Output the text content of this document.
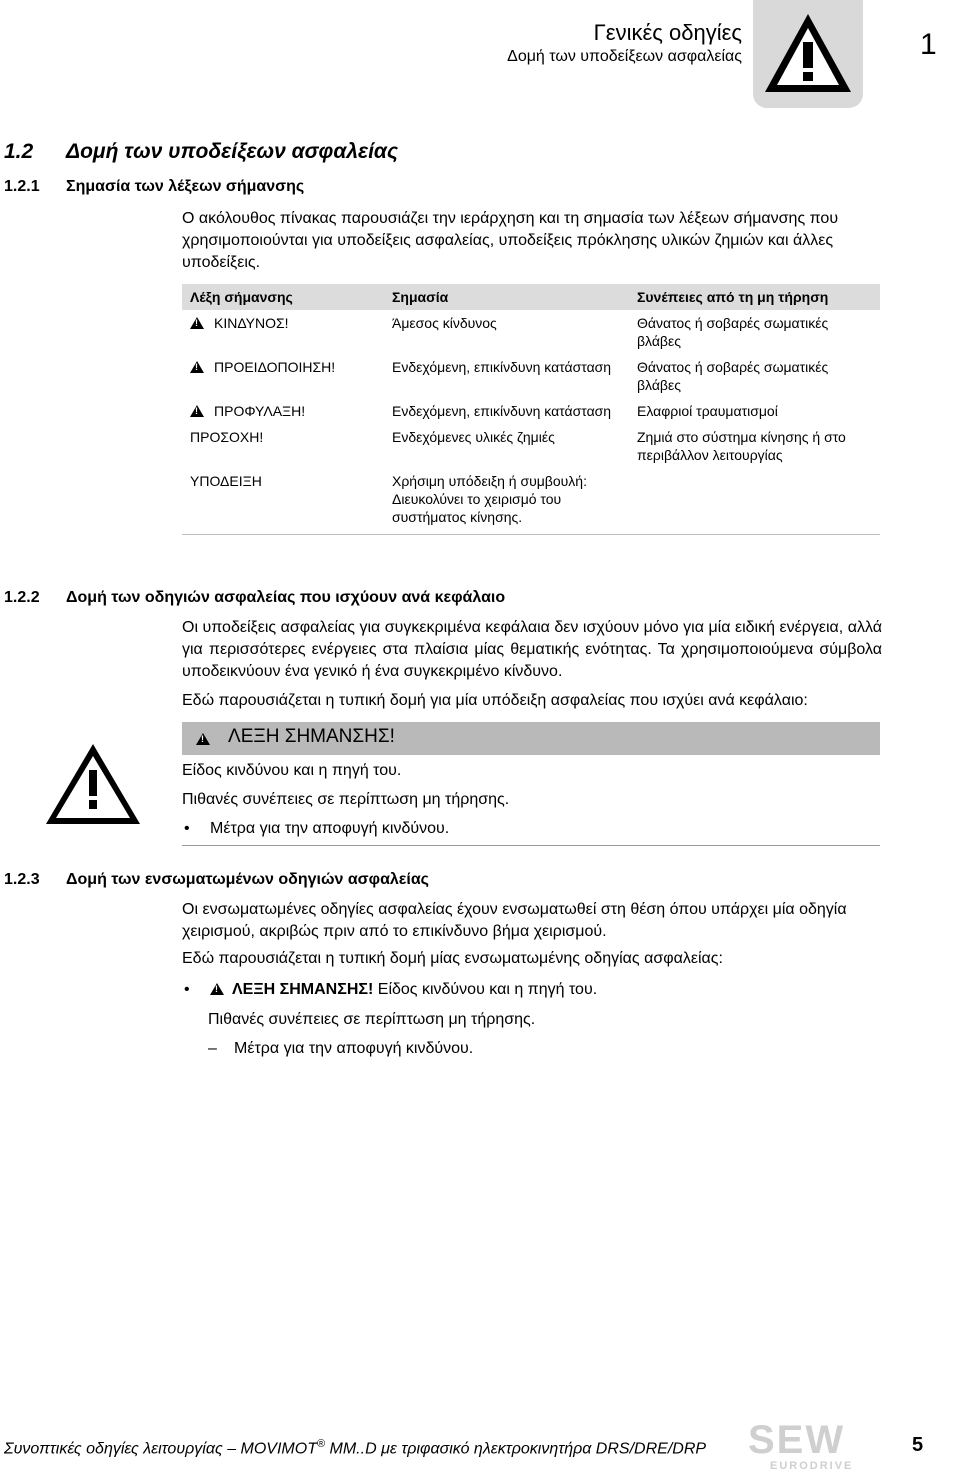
Γενικές οδηγίες
Δομή των υποδείξεων ασφαλείας	1
1.2 Δομή των υποδείξεων ασφαλείας
1.2.1 Σημασία των λέξεων σήμανσης
Ο ακόλουθος πίνακας παρουσιάζει την ιεράρχηση και τη σημασία των λέξεων σήμανσης που χρησιμοποιούνται για υποδείξεις ασφαλείας, υποδείξεις πρόκλησης υλικών ζημιών και άλλες υποδείξεις.
Λέξη σήμανσης	Σημασία	Συνέπειες από τη μη τήρηση
!ΚΙΝΔΥΝΟΣ!	Άμεσος κίνδυνος	Θάνατος ή σοβαρές σωματικές βλάβες
!ΠΡΟΕΙΔΟΠΟΙΗΣΗ!	Ενδεχόμενη, επικίνδυνη κατάσταση	Θάνατος ή σοβαρές σωματικές βλάβες
!ΠΡΟΦΥΛΑΞΗ!	Ενδεχόμενη, επικίνδυνη κατάσταση	Ελαφριοί τραυματισμοί
ΠΡΟΣΟΧΗ!	Ενδεχόμενες υλικές ζημιές	Ζημιά στο σύστημα κίνησης ή στο περιβάλλον λειτουργίας
ΥΠΟΔΕΙΞΗ	Χρήσιμη υπόδειξη ή συμβουλή: Διευκολύνει το χειρισμό του συστήματος κίνησης.	
1.2.2 Δομή των οδηγιών ασφαλείας που ισχύουν ανά κεφάλαιο
Οι υποδείξεις ασφαλείας για συγκεκριμένα κεφάλαια δεν ισχύουν μόνο για μία ειδική ενέργεια, αλλά για περισσότερες ενέργειες στα πλαίσια μίας θεματικής ενότητας. Τα χρησιμοποιούμενα σύμβολα υποδεικνύουν ένα γενικό ή ένα συγκεκριμένο κίνδυνο.
Εδώ παρουσιάζεται η τυπική δομή για μία υπόδειξη ασφαλείας που ισχύει ανά κεφάλαιο:
!
ΛΕΞΗ ΣΗΜΑΝΣΗΣ!
Είδος κινδύνου και η πηγή του.
Πιθανές συνέπειες σε περίπτωση μη τήρησης.
• Μέτρα για την αποφυγή κινδύνου.
1.2.3 Δομή των ενσωματωμένων οδηγιών ασφαλείας
Οι ενσωματωμένες οδηγίες ασφαλείας έχουν ενσωματωθεί στη θέση όπου υπάρχει μία οδηγία χειρισμού, ακριβώς πριν από το επικίνδυνο βήμα χειρισμού.
Εδώ παρουσιάζεται η τυπική δομή μίας ενσωματωμένης οδηγίας ασφαλείας:
• !	ΛΕΞΗ ΣΗΜΑΝΣΗΣ! Είδος κινδύνου και η πηγή του.
Πιθανές συνέπειες σε περίπτωση μη τήρησης.
– Μέτρα για την αποφυγή κινδύνου.
Συνοπτικές οδηγίες λειτουργίας – MOVIMOT® MM..D με τριφασικό ηλεκτροκινητήρα DRS/DRE/DRP SEW
EURODRIVE
5
